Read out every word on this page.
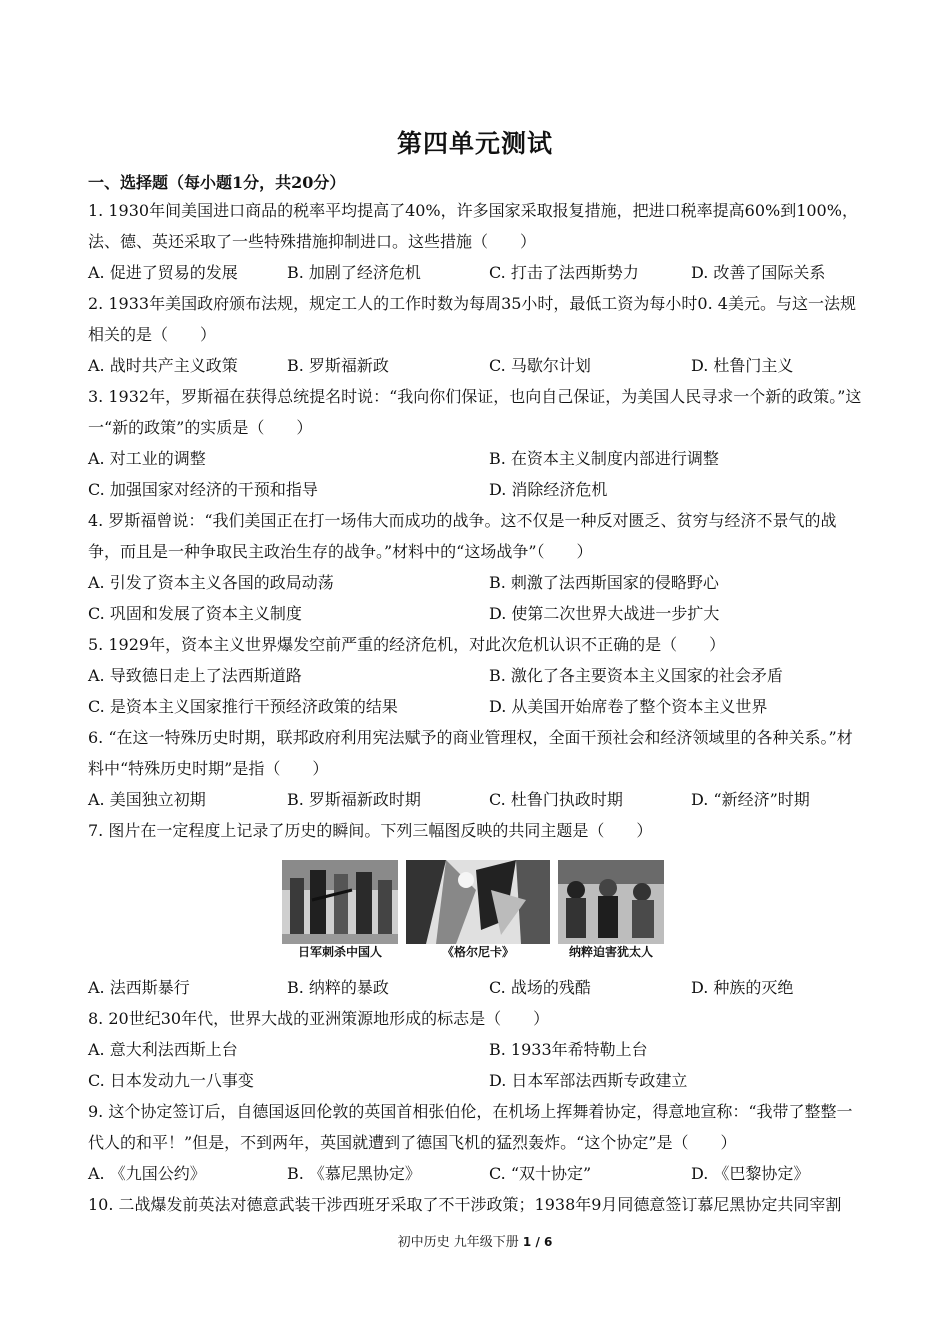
第四单元测试
一、选择题（每小题1分，共20分）
1. 1930年间美国进口商品的税率平均提高了40%，许多国家采取报复措施，把进口税率提高60%到100%，法、德、英还采取了一些特殊措施抑制进口。这些措施（　　）
A. 促进了贸易的发展	B. 加剧了经济危机	C. 打击了法西斯势力	D. 改善了国际关系
2. 1933年美国政府颁布法规，规定工人的工作时数为每周35小时，最低工资为每小时0. 4美元。与这一法规相关的是（　　）
A. 战时共产主义政策	B. 罗斯福新政	C. 马歇尔计划	D. 杜鲁门主义
3. 1932年，罗斯福在获得总统提名时说：“我向你们保证，也向自己保证，为美国人民寻求一个新的政策。”这一“新的政策”的实质是（　　）
A. 对工业的调整	B. 在资本主义制度内部进行调整
C. 加强国家对经济的干预和指导	D. 消除经济危机
4. 罗斯福曾说：“我们美国正在打一场伟大而成功的战争。这不仅是一种反对匮乏、贫穷与经济不景气的战争，而且是一种争取民主政治生存的战争。”材料中的“这场战争”（　　）
A. 引发了资本主义各国的政局动荡	B. 刺激了法西斯国家的侵略野心
C. 巩固和发展了资本主义制度	D. 使第二次世界大战进一步扩大
5. 1929年，资本主义世界爆发空前严重的经济危机，对此次危机认识不正确的是（　　）
A. 导致德日走上了法西斯道路	B. 激化了各主要资本主义国家的社会矛盾
C. 是资本主义国家推行干预经济政策的结果	D. 从美国开始席卷了整个资本主义世界
6. “在这一特殊历史时期，联邦政府利用宪法赋予的商业管理权，全面干预社会和经济领域里的各种关系。”材料中“特殊历史时期”是指（　　）
A. 美国独立初期	B. 罗斯福新政时期	C. 杜鲁门执政时期	D. “新经济”时期
7. 图片在一定程度上记录了历史的瞬间。下列三幅图反映的共同主题是（　　）
日军刺杀中国人	《格尔尼卡》	纳粹迫害犹太人
A. 法西斯暴行	B. 纳粹的暴政	C. 战场的残酷	D. 种族的灭绝
8. 20世纪30年代，世界大战的亚洲策源地形成的标志是（　　）
A. 意大利法西斯上台	B. 1933年希特勒上台
C. 日本发动九一八事变	D. 日本军部法西斯专政建立
9. 这个协定签订后，自德国返回伦敦的英国首相张伯伦，在机场上挥舞着协定，得意地宣称：“我带了整整一代人的和平！”但是，不到两年，英国就遭到了德国飞机的猛烈轰炸。“这个协定”是（　　）
A. 《九国公约》	B. 《慕尼黑协定》	C. “双十协定”	D. 《巴黎协定》
10. 二战爆发前英法对德意武装干涉西班牙采取了不干涉政策；1938年9月同德意签订慕尼黑协定共同宰割
初中历史 九年级下册 1 / 6
